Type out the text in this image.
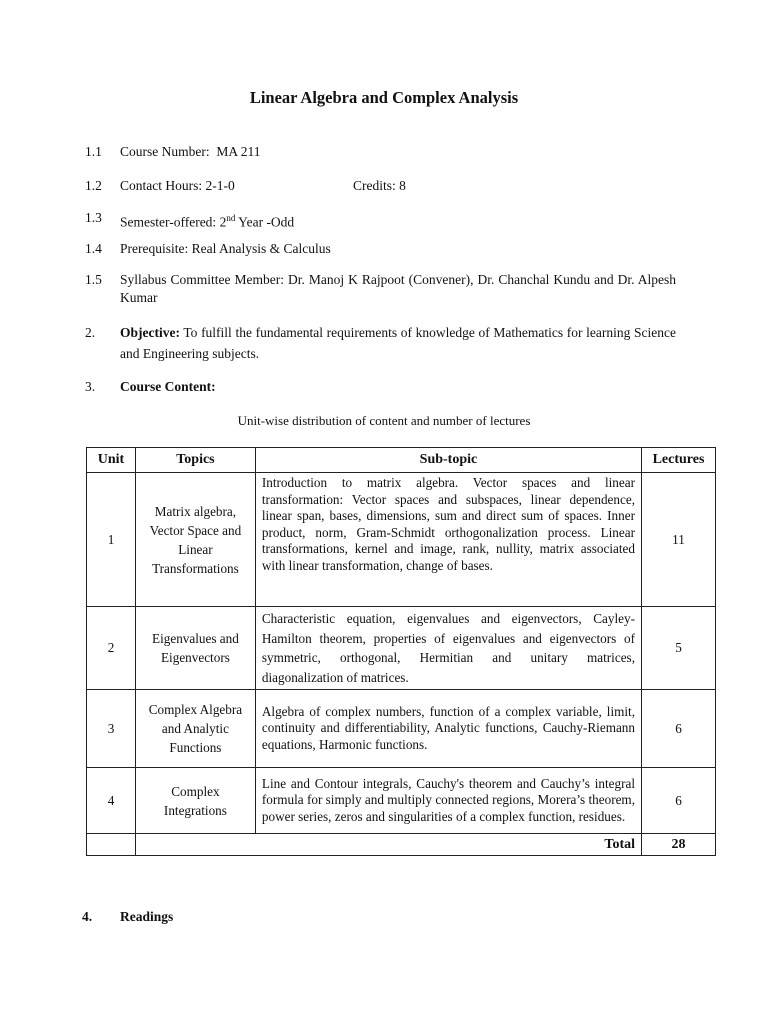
Linear Algebra and Complex Analysis
1.1 Course Number: MA 211
1.2 Contact Hours: 2-1-0	Credits: 8
1.3 Semester-offered: 2nd Year -Odd
1.4 Prerequisite: Real Analysis & Calculus
1.5 Syllabus Committee Member: Dr. Manoj K Rajpoot (Convener), Dr. Chanchal Kundu and Dr. Alpesh Kumar
2. Objective: To fulfill the fundamental requirements of knowledge of Mathematics for learning Science and Engineering subjects.
3. Course Content:
Unit-wise distribution of content and number of lectures
Unit	Topics	Sub-topic	Lectures
1	Matrix algebra, Vector Space and Linear Transformations	Introduction to matrix algebra. Vector spaces and linear transformation: Vector spaces and subspaces, linear dependence, linear span, bases, dimensions, sum and direct sum of spaces. Inner product, norm, Gram-Schmidt orthogonalization process. Linear transformations, kernel and image, rank, nullity, matrix associated with linear transformation, change of bases.	11
2	Eigenvalues and Eigenvectors	Characteristic equation, eigenvalues and eigenvectors, Cayley-Hamilton theorem, properties of eigenvalues and eigenvectors of symmetric, orthogonal, Hermitian and unitary matrices, diagonalization of matrices.	5
3	Complex Algebra and Analytic Functions	Algebra of complex numbers, function of a complex variable, limit, continuity and differentiability, Analytic functions, Cauchy-Riemann equations, Harmonic functions.	6
4	Complex Integrations	Line and Contour integrals, Cauchy's theorem and Cauchy’s integral formula for simply and multiply connected regions, Morera’s theorem, power series, zeros and singularities of a complex function, residues.	6
	Total		28
4. Readings
